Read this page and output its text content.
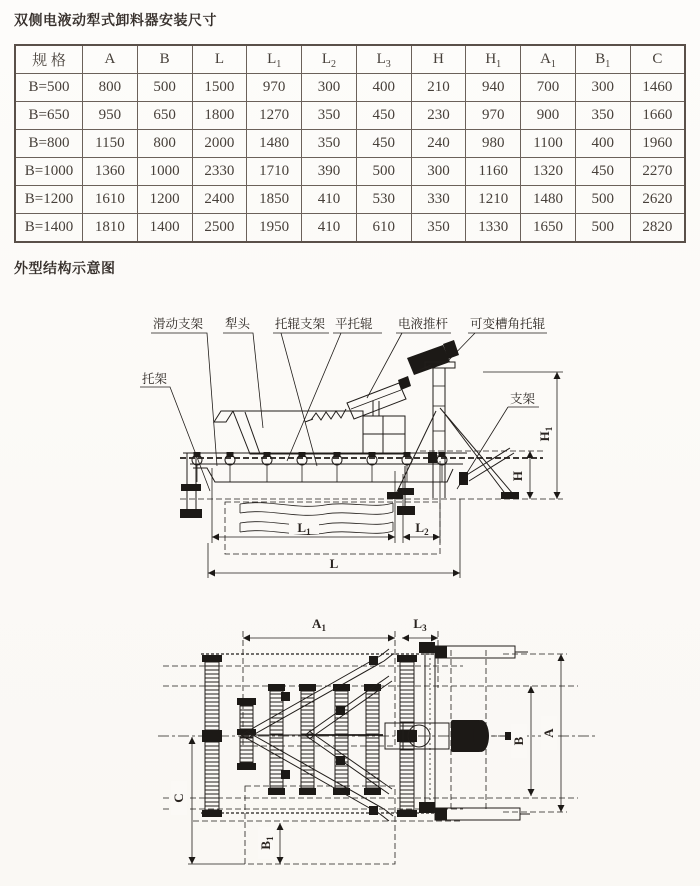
双侧电液动犁式卸料器安装尺寸
规 格	A	B	L	$L_1$	$L_2$	$L_3$	H	$H_1$	$A_1$	$B_1$	C
B=500	800	500	1500	970	300	400	210	940	700	300	1460
B=650	950	650	1800	1270	350	450	230	970	900	350	1660
B=800	1150	800	2000	1480	350	450	240	980	1100	400	1960
B=1000	1360	1000	2330	1710	390	500	300	1160	1320	450	2270
B=1200	1610	1200	2400	1850	410	530	330	1210	1480	500	2620
B=1400	1810	1400	2500	1950	410	610	350	1330	1650	500	2820
外型结构示意图
托架
滑动支架 犁头 托辊支架 平托辊 电液推杆 可变槽角托辊
支架
$L_1$	$L_2$
L
H
$H_1$
$A_1$	$L_3$
C
$B_1$
B
A
